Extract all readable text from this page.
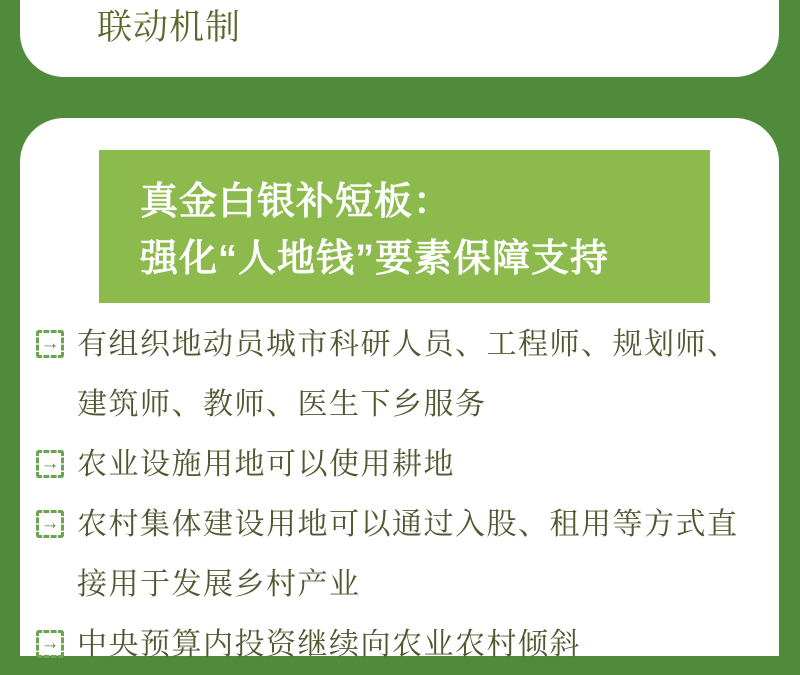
联动机制
真金白银补短板：
强化“人地钱”要素保障支持
→ 有组织地动员城市科研人员、工程师、规划师、
建筑师、教师、医生下乡服务
→ 农业设施用地可以使用耕地
→ 农村集体建设用地可以通过入股、租用等方式直
接用于发展乡村产业
→ 中央预算内投资继续向农业农村倾斜
